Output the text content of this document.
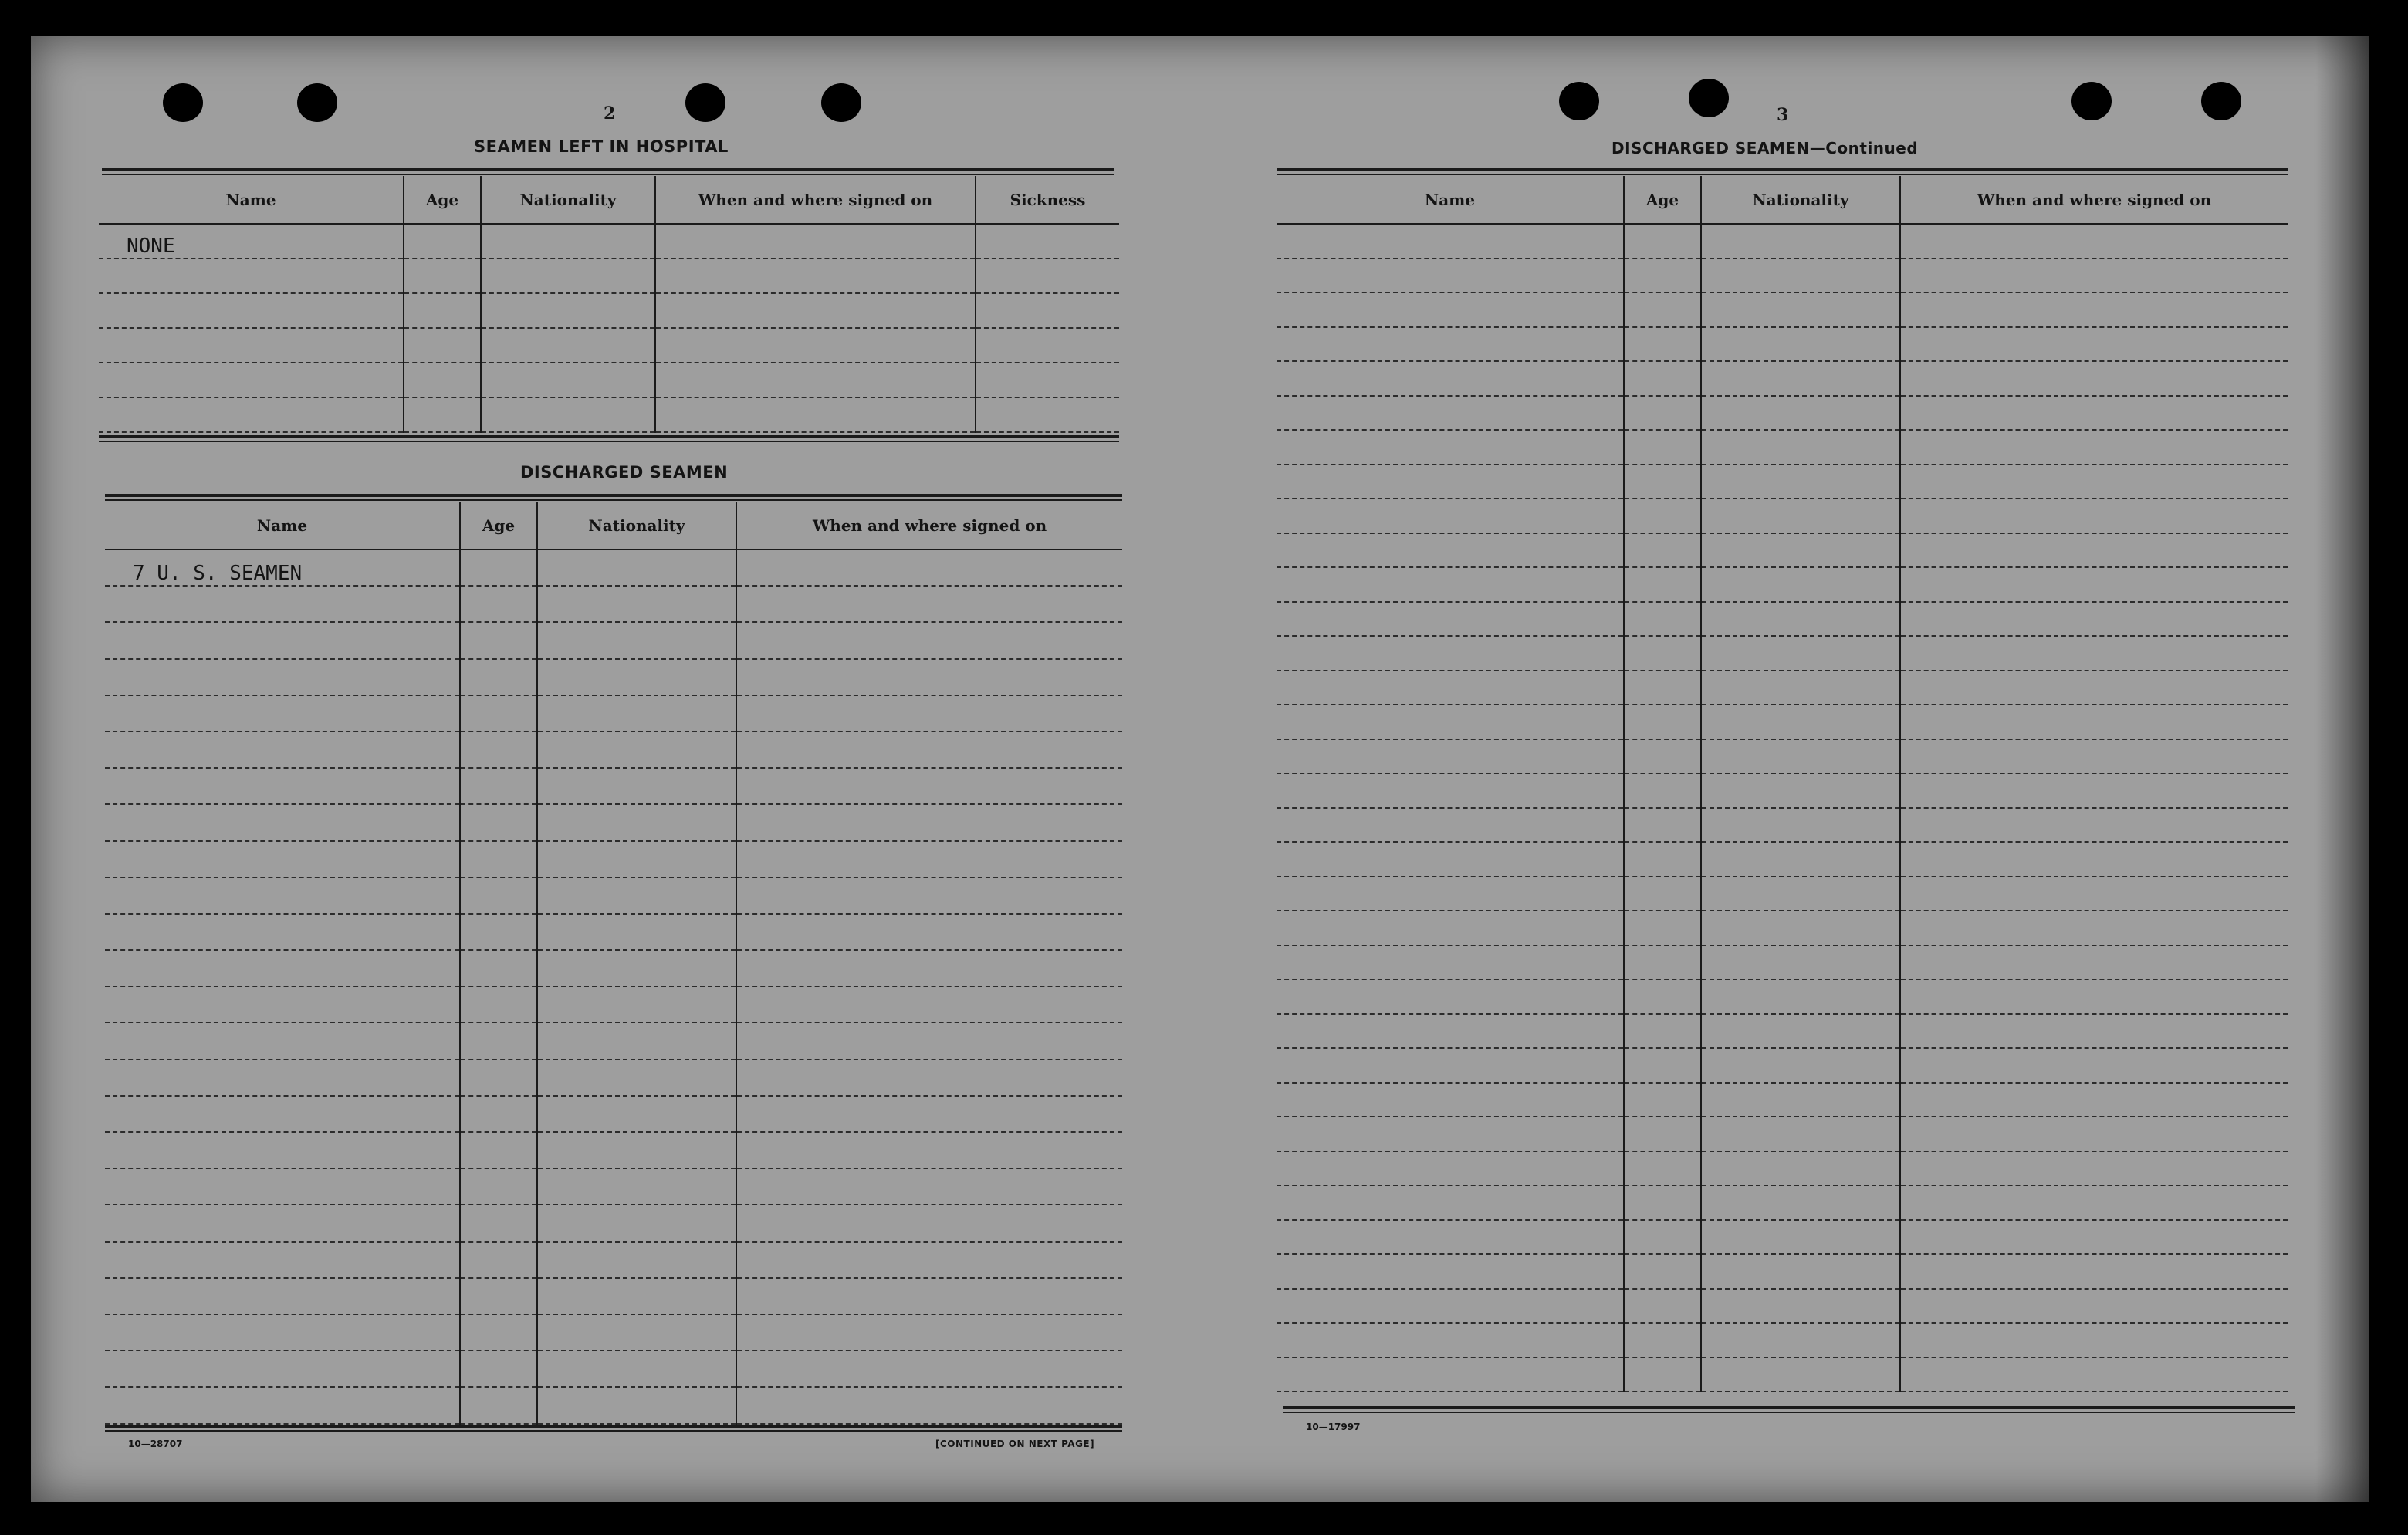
2
SEAMEN LEFT IN HOSPITAL
Name	Age	Nationality	When and where signed on	Sickness
NONE				

DISCHARGED SEAMEN
Name	Age	Nationality	When and where signed on
7 U. S. SEAMEN			

10—28707	[CONTINUED ON NEXT PAGE]
3
DISCHARGED SEAMEN—Continued
Name	Age	Nationality	When and where signed on

10—17997
